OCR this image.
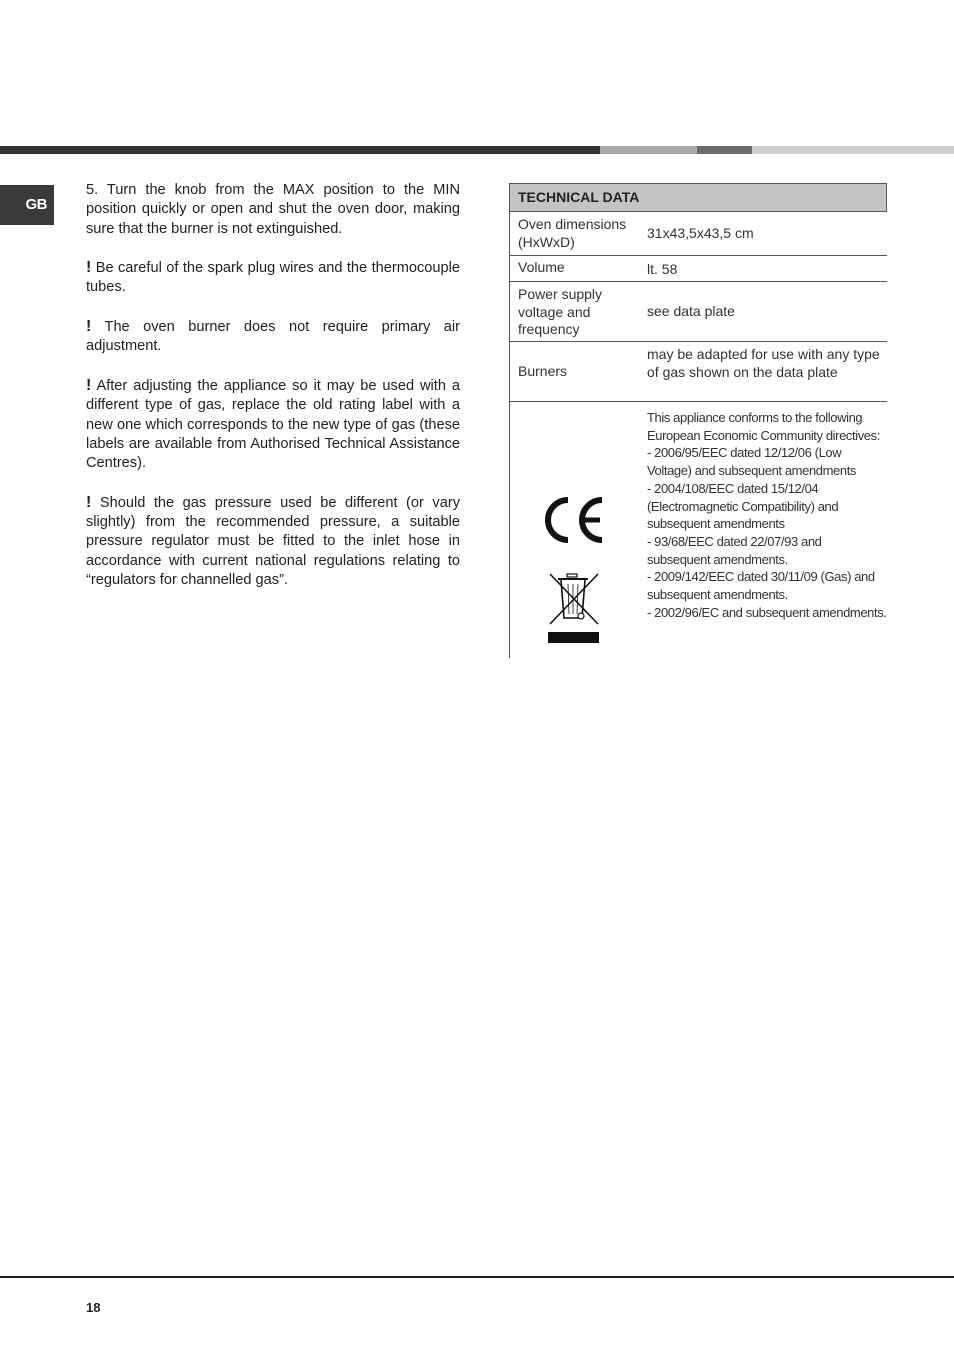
GB

5. Turn the knob from the MAX position to the MIN position quickly or open and shut the oven door, making sure that the burner is not extinguished.

! Be careful of the spark plug wires and the thermocouple tubes.

! The oven burner does not require primary air adjustment.

! After adjusting the appliance so it may be used with a different type of gas, replace the old rating label with a new one which corresponds to the new type of gas (these labels are available from Authorised Technical Assistance Centres).

! Should the gas pressure used be different (or vary slightly) from the recommended pressure, a suitable pressure regulator must be fitted to the inlet hose in accordance with current national regulations relating to “regulators for channelled gas”.

TECHNICAL DATA
Oven dimensions (HxWxD)
31x43,5x43,5 cm
Volume	lt. 58
Power supply voltage and frequency
see data plate
Burners
may be adapted for use with any type of gas shown on the data plate
This appliance conforms to the following European Economic Community directives:
- 2006/95/EEC dated 12/12/06 (Low Voltage) and subsequent amendments
- 2004/108/EEC dated 15/12/04 (Electromagnetic Compatibility) and subsequent amendments
- 93/68/EEC dated 22/07/93 and subsequent amendments.
- 2009/142/EEC dated 30/11/09 (Gas) and subsequent amendments.
- 2002/96/EC and subsequent amendments.
18
